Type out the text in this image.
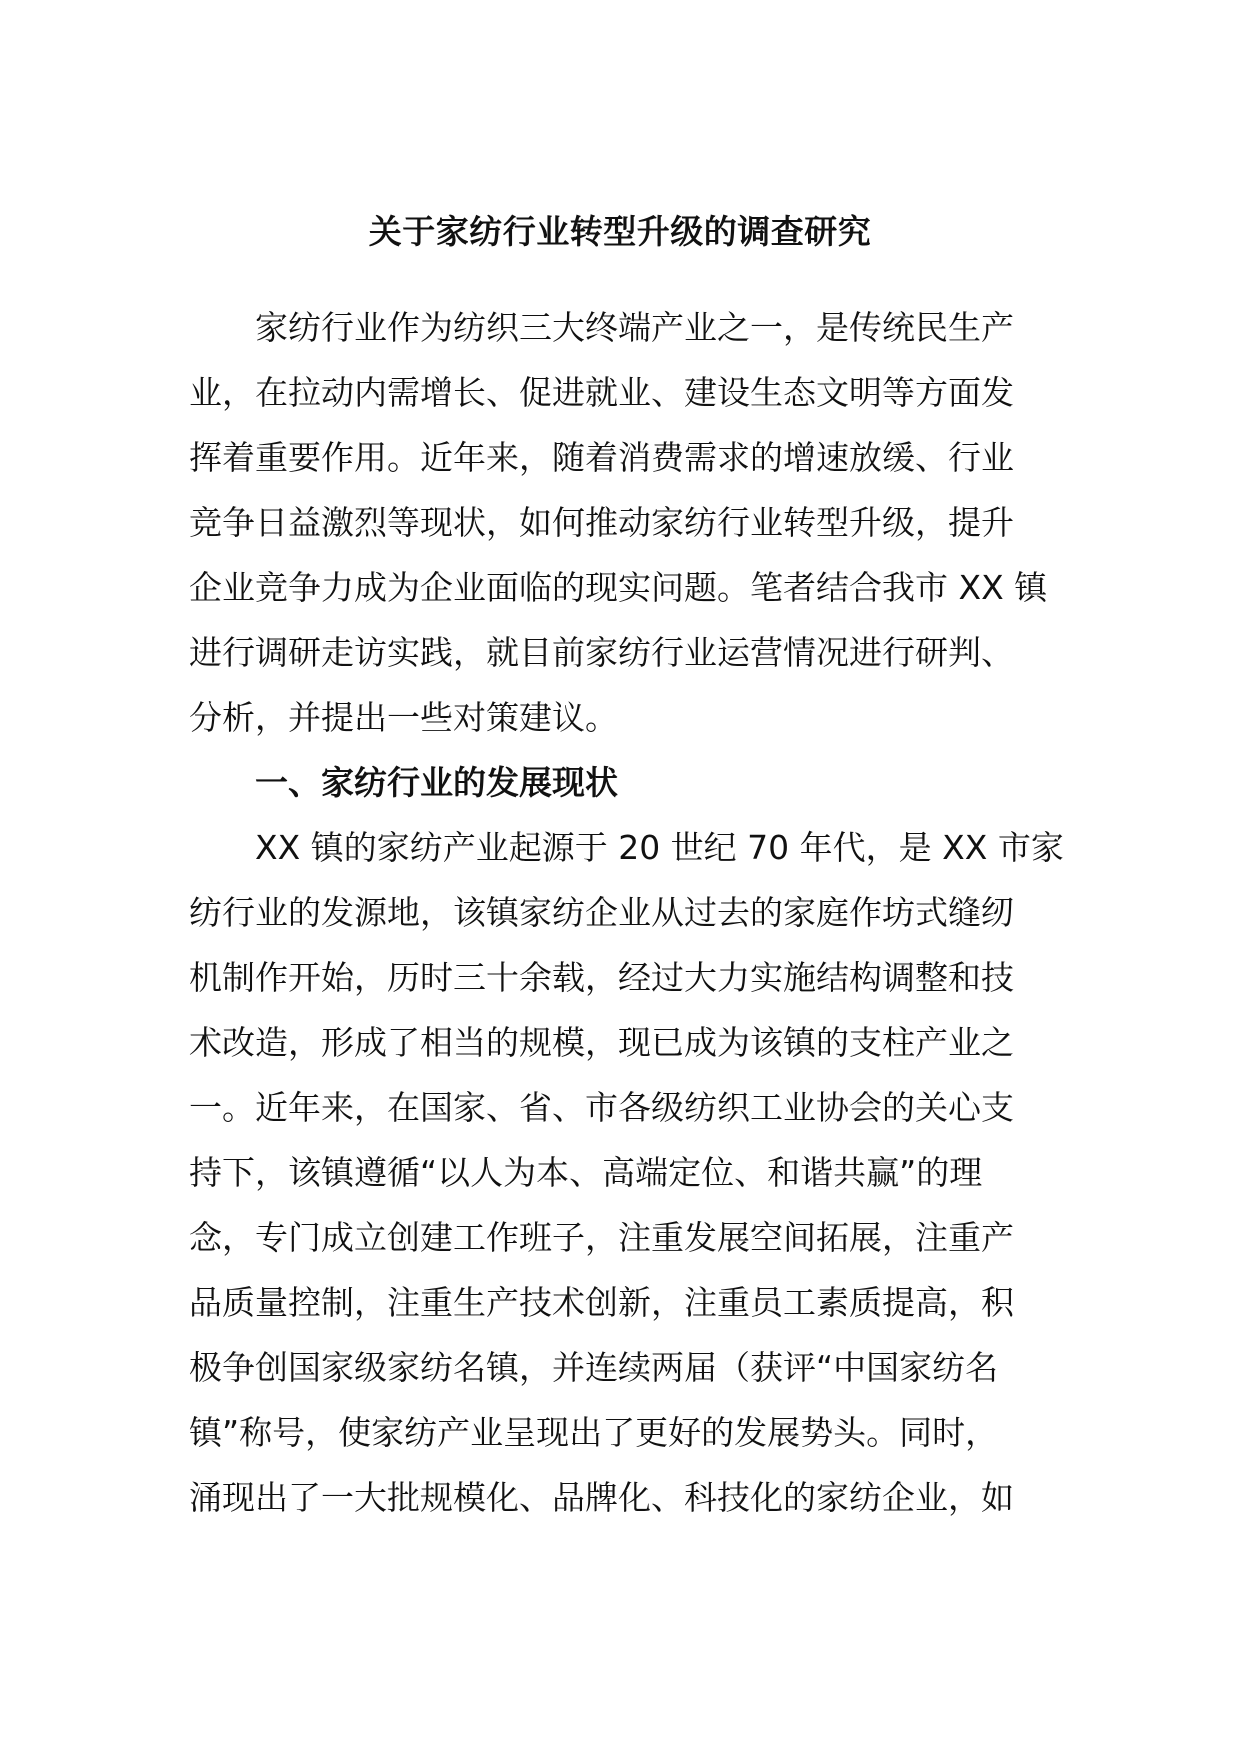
关于家纺行业转型升级的调查研究
家纺行业作为纺织三大终端产业之一，是传统民生产
业，在拉动内需增长、促进就业、建设生态文明等方面发
挥着重要作用。近年来，随着消费需求的增速放缓、行业
竞争日益激烈等现状，如何推动家纺行业转型升级，提升
企业竞争力成为企业面临的现实问题。笔者结合我市 XX 镇
进行调研走访实践，就目前家纺行业运营情况进行研判、
分析，并提出一些对策建议。
一、家纺行业的发展现状
XX 镇的家纺产业起源于 20 世纪 70 年代，是 XX 市家
纺行业的发源地，该镇家纺企业从过去的家庭作坊式缝纫
机制作开始，历时三十余载，经过大力实施结构调整和技
术改造，形成了相当的规模，现已成为该镇的支柱产业之
一。近年来，在国家、省、市各级纺织工业协会的关心支
持下，该镇遵循“以人为本、高端定位、和谐共赢”的理
念，专门成立创建工作班子，注重发展空间拓展，注重产
品质量控制，注重生产技术创新，注重员工素质提高，积
极争创国家级家纺名镇，并连续两届（获评“中国家纺名
镇”称号，使家纺产业呈现出了更好的发展势头。同时，
涌现出了一大批规模化、品牌化、科技化的家纺企业，如
